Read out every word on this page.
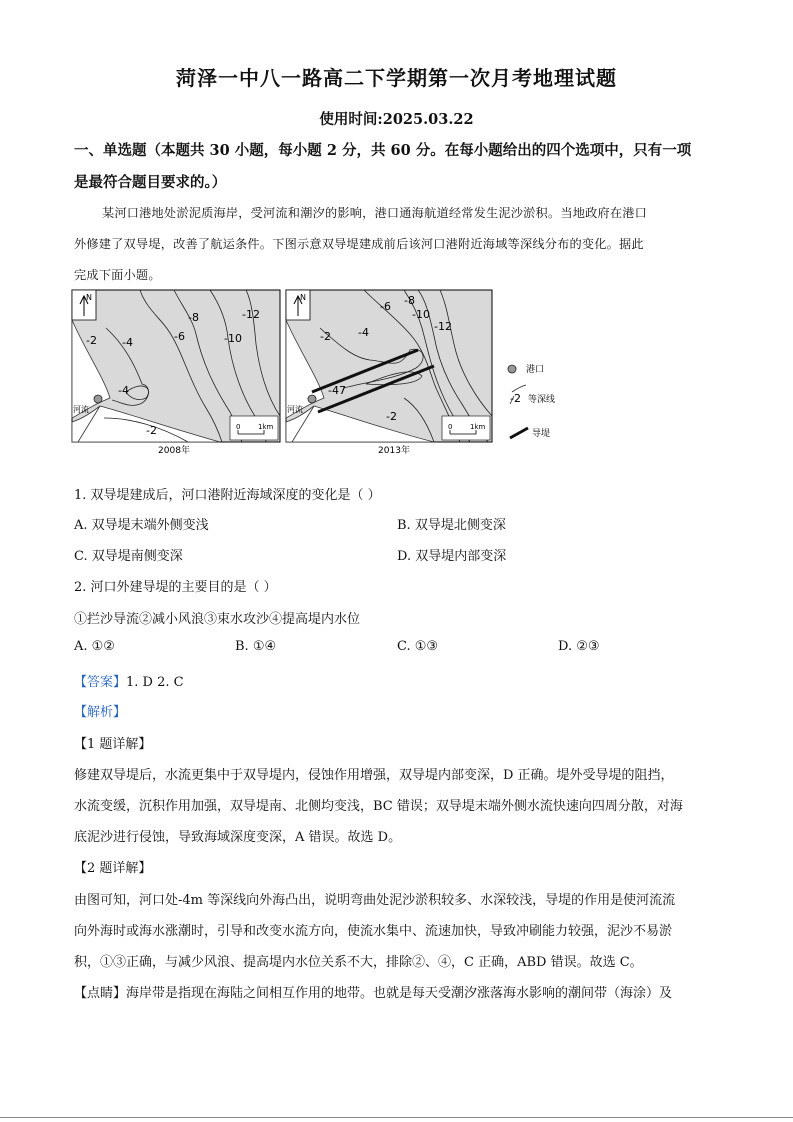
菏泽一中八一路高二下学期第一次月考地理试题
使用时间:2025.03.22
一、单选题（本题共 30 小题，每小题 2 分，共 60 分。在每小题给出的四个选项中，只有一项
是最符合题目要求的。）
某河口港地处淤泥质海岸，受河流和潮汐的影响，港口通海航道经常发生泥沙淤积。当地政府在港口
外修建了双导堤，改善了航运条件。下图示意双导堤建成前后该河口港附近海域等深线分布的变化。据此
完成下面小题。
N
-2 -4
-8
-6
-12
-10
-4
-2
河流
0	1km
2008年
N	-8
-6
-10
-4	-12
-2
-47
-2
河流
0	1km
2013年
港口
-2 等深线
导堤
1. 双导堤建成后，河口港附近海域深度的变化是（ ）
A. 双导堤末端外侧变浅	B. 双导堤北侧变深
C. 双导堤南侧变深	D. 双导堤内部变深
2. 河口外建导堤的主要目的是（ ）
①拦沙导流②减小风浪③束水攻沙④提高堤内水位
A. ①②	B. ①④	C. ①③	D. ②③
【答案】1. D 2. C
【解析】
【1 题详解】
修建双导堤后，水流更集中于双导堤内，侵蚀作用增强，双导堤内部变深，D 正确。堤外受导堤的阻挡，
水流变缓，沉积作用加强，双导堤南、北侧均变浅，BC 错误；双导堤末端外侧水流快速向四周分散，对海
底泥沙进行侵蚀，导致海域深度变深，A 错误。故选 D。
【2 题详解】
由图可知，河口处-4m 等深线向外海凸出，说明弯曲处泥沙淤积较多、水深较浅，导堤的作用是使河流流
向外海时或海水涨潮时，引导和改变水流方向，使流水集中、流速加快，导致冲刷能力较强，泥沙不易淤
积，①③正确，与减少风浪、提高堤内水位关系不大，排除②、④，C 正确，ABD 错误。故选 C。
【点睛】海岸带是指现在海陆之间相互作用的地带。也就是每天受潮汐涨落海水影响的潮间带（海涂）及
